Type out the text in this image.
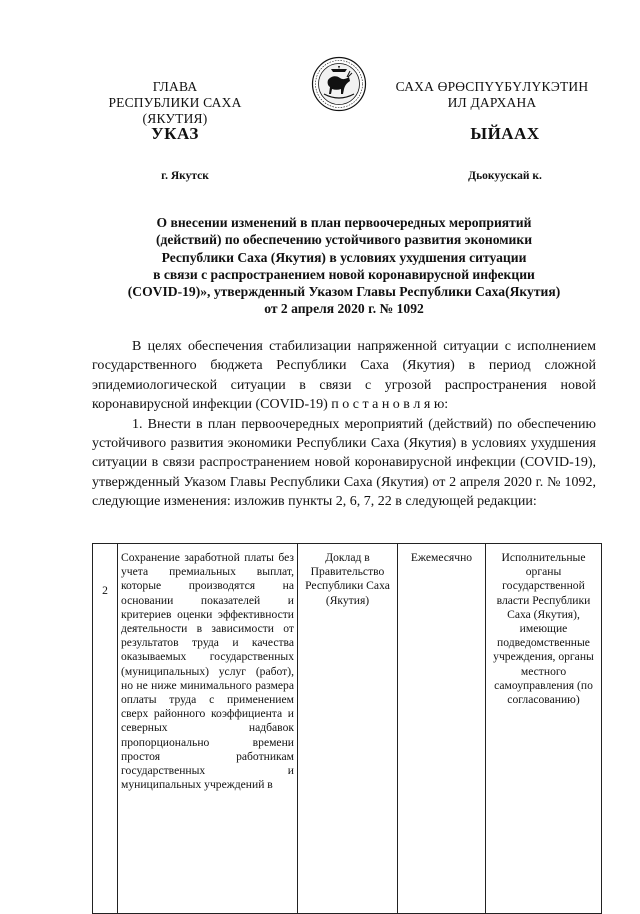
ГЛАВА
РЕСПУБЛИКИ САХА (ЯКУТИЯ)
САХА ӨРӨСПҮҮБҮЛҮКЭТИН
ИЛ ДАРХАНА
УКАЗ	ЫЙААХ
г. Якутск	Дьокуускай к.
О внесении изменений в план первоочередных мероприятий
(действий) по обеспечению устойчивого развития экономики
Республики Саха (Якутия) в условиях ухудшения ситуации
в связи с распространением новой коронавирусной инфекции
(COVID-19)», утвержденный Указом Главы Республики Саха(Якутия)
от 2 апреля 2020 г. № 1092

В целях обеспечения стабилизации напряженной ситуации с исполнением государственного бюджета Республики Саха (Якутия) в период сложной эпидемиологической ситуации в связи с угрозой распространения новой коронавирусной инфекции (COVID-19) п о с т а н о в л я ю:

1. Внести в план первоочередных мероприятий (действий) по обеспечению устойчивого развития экономики Республики Саха (Якутия) в условиях ухудшения ситуации в связи распространением новой коронавирусной инфекции (COVID-19), утвержденный Указом Главы Республики Саха (Якутия) от 2 апреля 2020 г. № 1092, следующие изменения: изложив пункты 2, 6, 7, 22 в следующей редакции:

2	Сохранение заработной платы без учета премиальных выплат, которые производятся на основании показателей и критериев оценки эффективности деятельности в зависимости от результатов труда и качества оказываемых государственных (муниципальных) услуг (работ), но не ниже минимального размера оплаты труда с применением сверх районного коэффициента и северных надбавок пропорционально времени простоя работникам государственных и муниципальных учреждений в	Доклад в Правительство Республики Саха (Якутия)	Ежемесячно	Исполнительные органы государственной власти Республики Саха (Якутия), имеющие подведомственные учреждения, органы местного самоуправления (по согласованию)
